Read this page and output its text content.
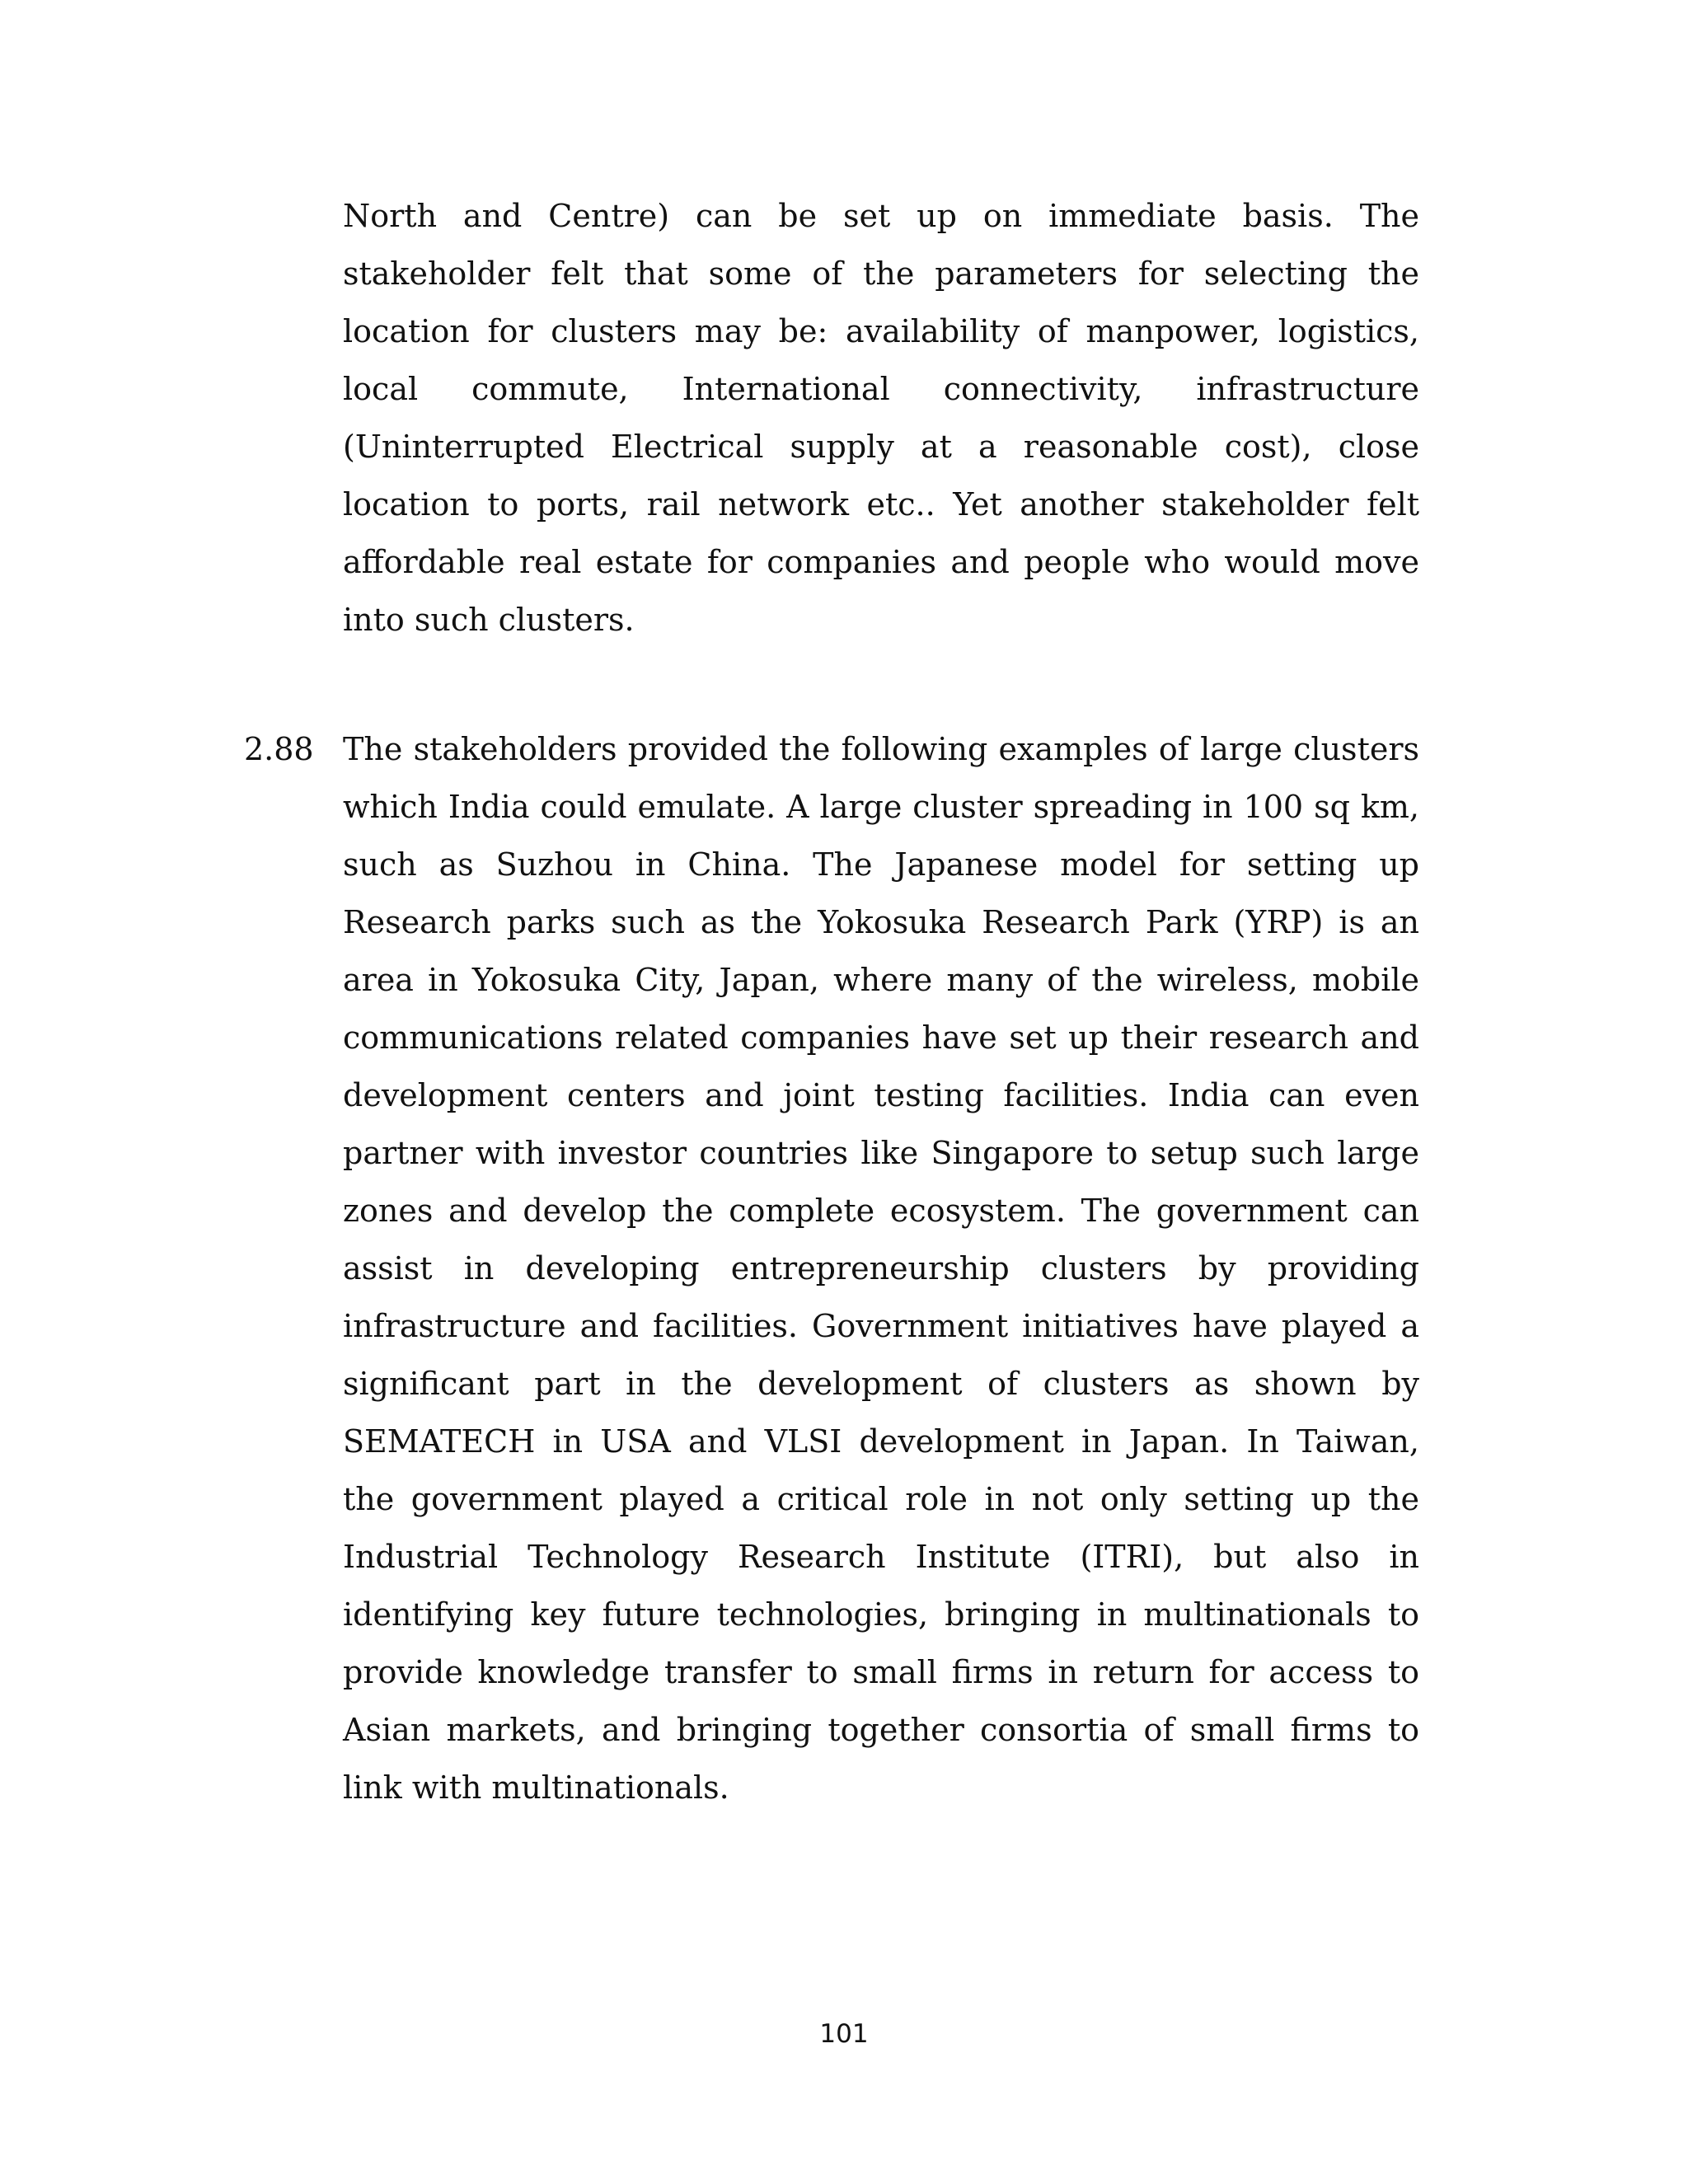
North and Centre) can be set up on immediate basis. The
stakeholder felt that some of the parameters for selecting the
location for clusters may be: availability of manpower, logistics,
local commute, International connectivity, infrastructure
(Uninterrupted Electrical supply at a reasonable cost), close
location to ports, rail network etc.. Yet another stakeholder felt
affordable real estate for companies and people who would move
into such clusters.
2.88 The stakeholders provided the following examples of large clusters
which India could emulate. A large cluster spreading in 100 sq km,
such as Suzhou in China. The Japanese model for setting up
Research parks such as the Yokosuka Research Park (YRP) is an
area in Yokosuka City, Japan, where many of the wireless, mobile
communications related companies have set up their research and
development centers and joint testing facilities. India can even
partner with investor countries like Singapore to setup such large
zones and develop the complete ecosystem. The government can
assist in developing entrepreneurship clusters by providing
infrastructure and facilities. Government initiatives have played a
significant part in the development of clusters as shown by
SEMATECH in USA and VLSI development in Japan. In Taiwan,
the government played a critical role in not only setting up the
Industrial Technology Research Institute (ITRI), but also in
identifying key future technologies, bringing in multinationals to
provide knowledge transfer to small firms in return for access to
Asian markets, and bringing together consortia of small firms to
link with multinationals.
101
